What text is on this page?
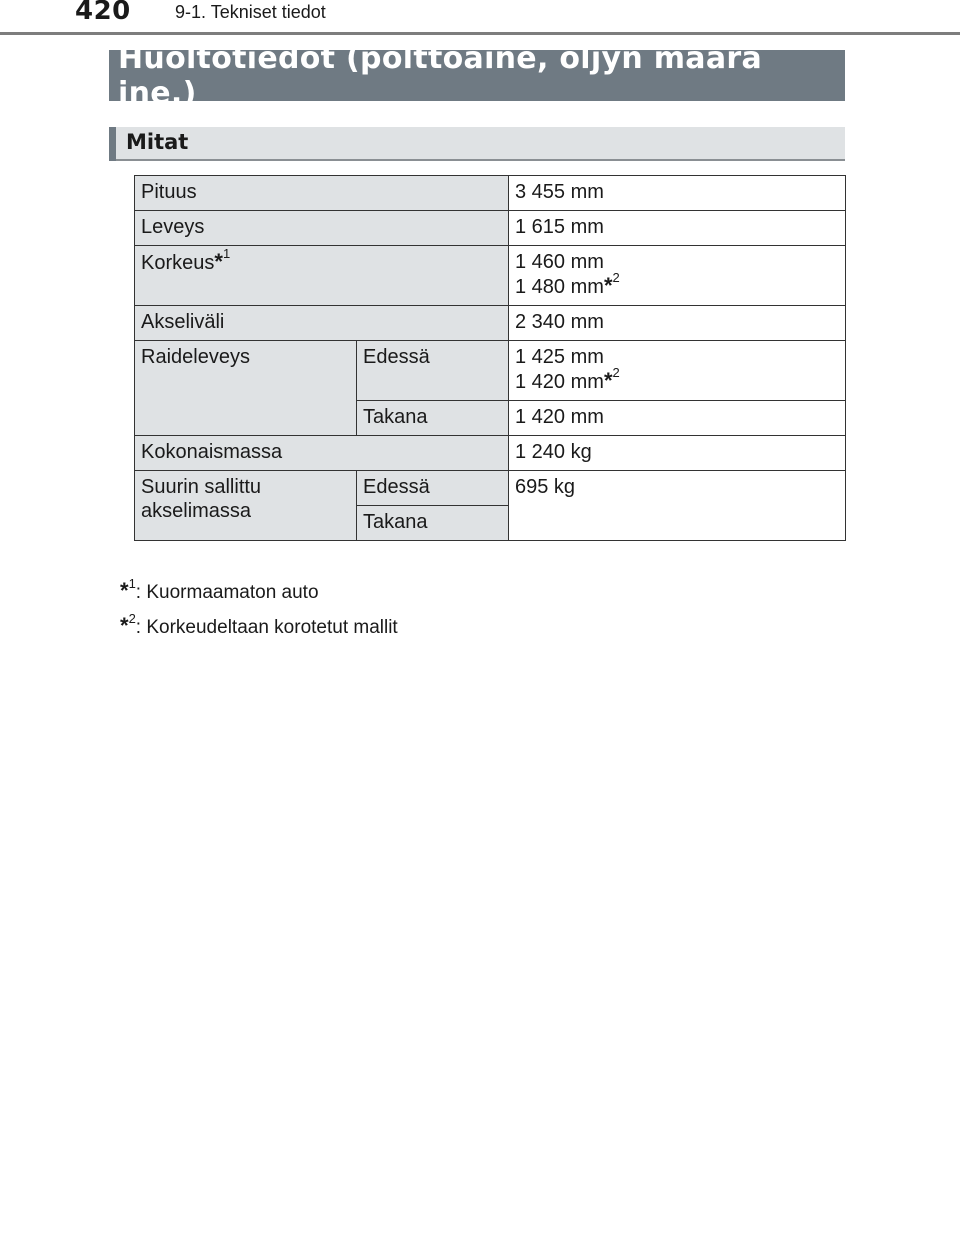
420 9-1. Tekniset tiedot
Huoltotiedot (polttoaine, öljyn määrä jne.)
Mitat
Pituus		3 455 mm
Leveys		1 615 mm
Korkeus*$^1$		1 460 mm
1 480 mm*$^2$

Akseliväli		2 340 mm
Raideleveys	Edessä	1 425 mm
1 420 mm*$^2$

	Takana	1 420 mm
Kokonaismassa		1 240 kg

Suurin sallittu
akselimassa	Edessä	695 kg
	Takana	
*$^1$: Kuormaamaton auto
*$^2$: Korkeudeltaan korotetut mallit
